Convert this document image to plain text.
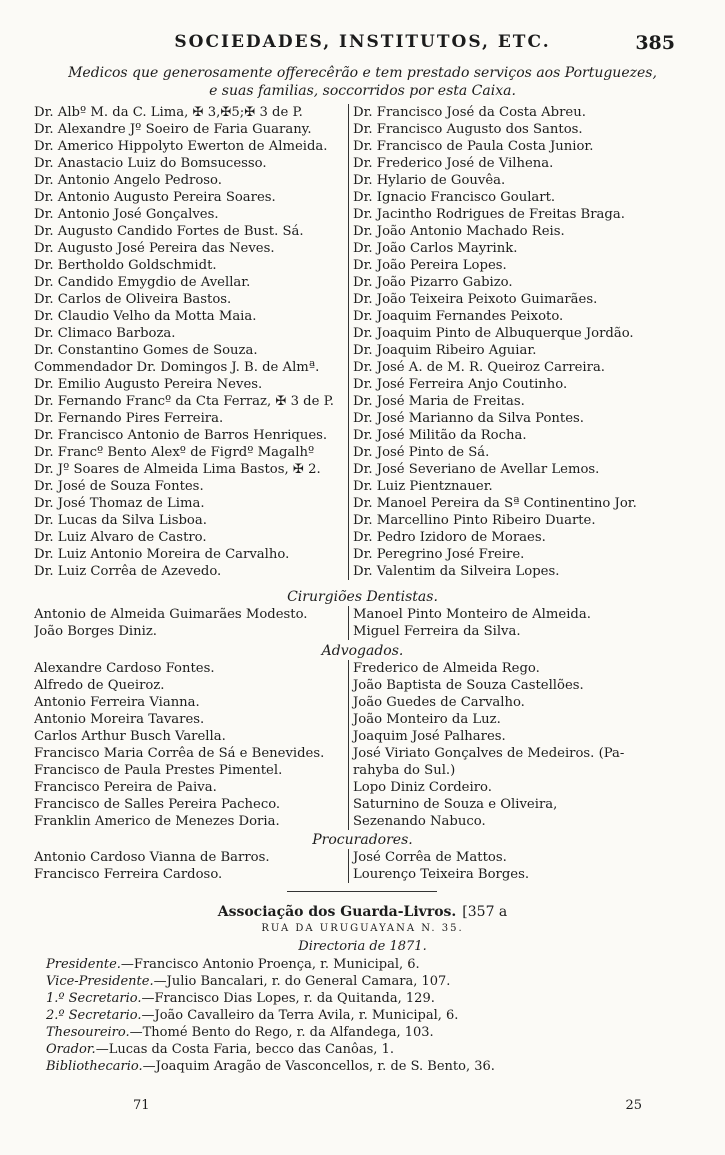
SOCIEDADES, INSTITUTOS, ETC.	385
Medicos que generosamente offerecêrão e tem prestado serviços aos Portuguezes,
e suas familias, soccorridos por esta Caixa.
Dr. Albº M. da C. Lima, ✠ 3,✠5;✠ 3 de P.	Dr. Francisco José da Costa Abreu.
Dr. Alexandre Jº Soeiro de Faria Guarany.	Dr. Francisco Augusto dos Santos.
Dr. Americo Hippolyto Ewerton de Almeida.	Dr. Francisco de Paula Costa Junior.
Dr. Anastacio Luiz do Bomsucesso.	Dr. Frederico José de Vilhena.
Dr. Antonio Angelo Pedroso.	Dr. Hylario de Gouvêa.
Dr. Antonio Augusto Pereira Soares.	Dr. Ignacio Francisco Goulart.
Dr. Antonio José Gonçalves.	Dr. Jacintho Rodrigues de Freitas Braga.
Dr. Augusto Candido Fortes de Bust. Sá.	Dr. João Antonio Machado Reis.
Dr. Augusto José Pereira das Neves.	Dr. João Carlos Mayrink.
Dr. Bertholdo Goldschmidt.	Dr. João Pereira Lopes.
Dr. Candido Emygdio de Avellar.	Dr. João Pizarro Gabizo.
Dr. Carlos de Oliveira Bastos.	Dr. João Teixeira Peixoto Guimarães.
Dr. Claudio Velho da Motta Maia.	Dr. Joaquim Fernandes Peixoto.
Dr. Climaco Barboza.	Dr. Joaquim Pinto de Albuquerque Jordão.
Dr. Constantino Gomes de Souza.	Dr. Joaquim Ribeiro Aguiar.
Commendador Dr. Domingos J. B. de Almª.	Dr. José A. de M. R. Queiroz Carreira.
Dr. Emilio Augusto Pereira Neves.	Dr. José Ferreira Anjo Coutinho.
Dr. Fernando Francº da Cta Ferraz, ✠ 3 de P.	Dr. José Maria de Freitas.
Dr. Fernando Pires Ferreira.	Dr. José Marianno da Silva Pontes.
Dr. Francisco Antonio de Barros Henriques.	Dr. José Militão da Rocha.
Dr. Francº Bento Alexº de Figrdº Magalhº	Dr. José Pinto de Sá.
Dr. Jº Soares de Almeida Lima Bastos, ✠ 2.	Dr. José Severiano de Avellar Lemos.
Dr. José de Souza Fontes.	Dr. Luiz Pientznauer.
Dr. José Thomaz de Lima.	Dr. Manoel Pereira da Sª Continentino Jor.
Dr. Lucas da Silva Lisboa.	Dr. Marcellino Pinto Ribeiro Duarte.
Dr. Luiz Alvaro de Castro.	Dr. Pedro Izidoro de Moraes.
Dr. Luiz Antonio Moreira de Carvalho.	Dr. Peregrino José Freire.
Dr. Luiz Corrêa de Azevedo.	Dr. Valentim da Silveira Lopes.
Cirurgiões Dentistas.
Antonio de Almeida Guimarães Modesto.	Manoel Pinto Monteiro de Almeida.
João Borges Diniz.	Miguel Ferreira da Silva.
Advogados.
Alexandre Cardoso Fontes.	Frederico de Almeida Rego.
Alfredo de Queiroz.	João Baptista de Souza Castellões.
Antonio Ferreira Vianna.	João Guedes de Carvalho.
Antonio Moreira Tavares.	João Monteiro da Luz.
Carlos Arthur Busch Varella.	Joaquim José Palhares.
Francisco Maria Corrêa de Sá e Benevides.	José Viriato Gonçalves de Medeiros. (Pa-
Francisco de Paula Prestes Pimentel.	rahyba do Sul.)
Francisco Pereira de Paiva.	Lopo Diniz Cordeiro.
Francisco de Salles Pereira Pacheco.	Saturnino de Souza e Oliveira,
Franklin Americo de Menezes Doria.	Sezenando Nabuco.
Procuradores.
Antonio Cardoso Vianna de Barros.	José Corrêa de Mattos.
Francisco Ferreira Cardoso.	Lourenço Teixeira Borges.
Associação dos Guarda-Livros. [357 a
RUA DA URUGUAYANA N. 35.
Directoria de 1871.
Presidente.—Francisco Antonio Proença, r. Municipal, 6.
Vice-Presidente.—Julio Bancalari, r. do General Camara, 107.
1.º Secretario.—Francisco Dias Lopes, r. da Quitanda, 129.
2.º Secretario.—João Cavalleiro da Terra Avila, r. Municipal, 6.
Thesoureiro.—Thomé Bento do Rego, r. da Alfandega, 103.
Orador.—Lucas da Costa Faria, becco das Canôas, 1.
Bibliothecario.—Joaquim Aragão de Vasconcellos, r. de S. Bento, 36.
71	25
